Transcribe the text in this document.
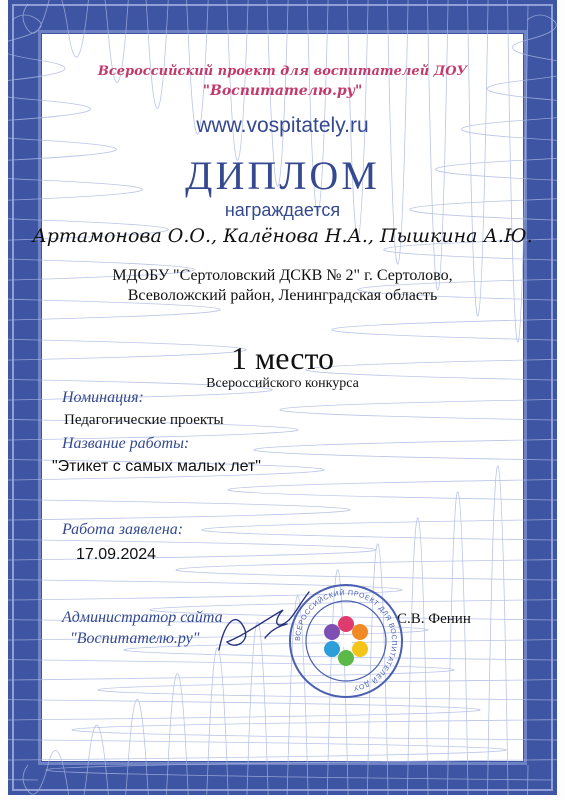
Всероссийский проект для воспитателей ДОУ
"Воспитателю.ру"
www.vospitately.ru
ДИПЛОМ
награждается
Артамонова О.О., Калёнова Н.А., Пышкина А.Ю.
МДОБУ "Сертоловский ДСКВ № 2" г. Сертолово,
Всеволожский район, Ленинградская область
1 место
Всероссийского конкурса
Номинация:
Педагогические проекты
Название работы:
"Этикет с самых малых лет"
Работа заявлена:
17.09.2024
Администратор сайта
"Воспитателю.ру"
С.В. Фенин
ВСЕРОССИЙСКИЙ ПРОЕКТ ДЛЯ ВОСПИТАТЕЛЕЙ ДОУ
